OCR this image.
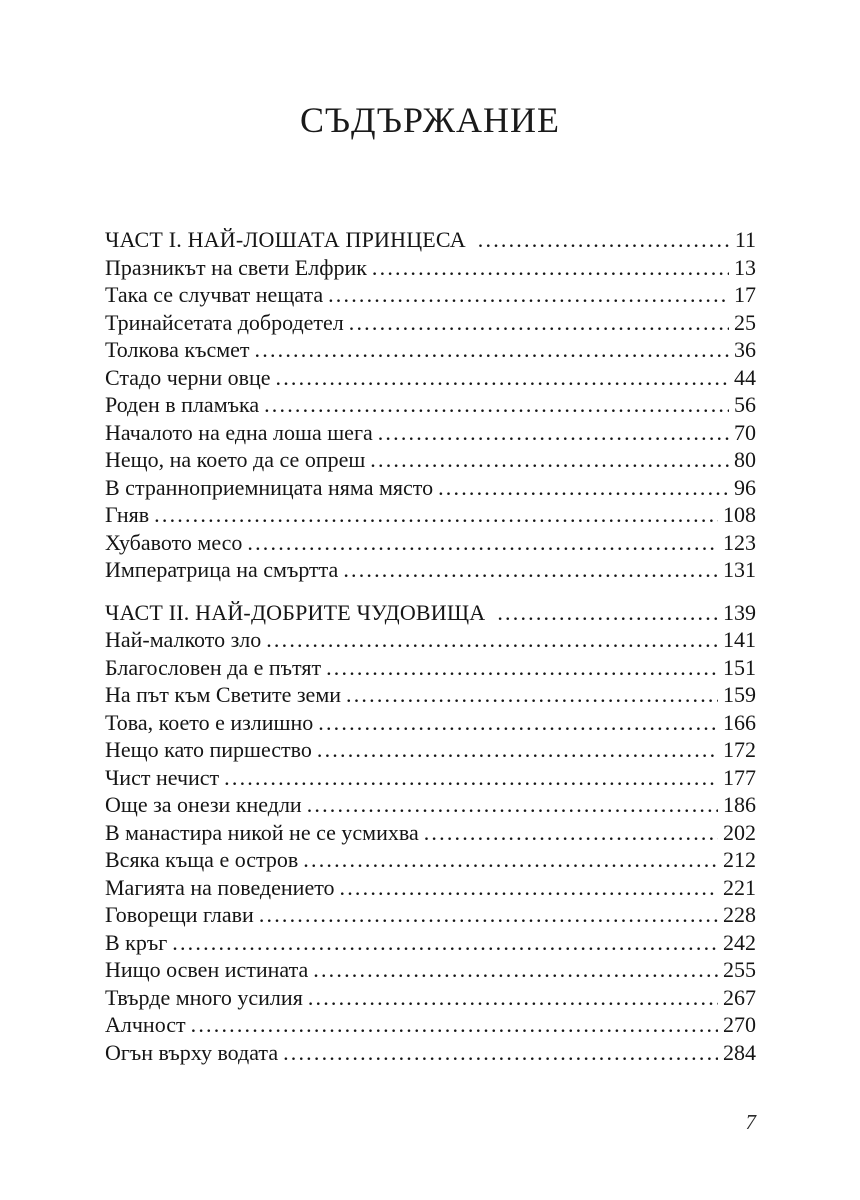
СЪДЪРЖАНИЕ
ЧАСТ I. НАЙ-ЛОШАТА ПРИНЦЕСА .....	11
Празникът на свети Елфрик .....	13
Така се случват нещата .....	17
Тринайсетата добродетел .....	25
Толкова късмет .....	36
Стадо черни овце .....	44
Роден в пламъка .....	56
Началото на една лоша шега .....	70
Нещо, на което да се опреш .....	80
В странноприемницата няма място .....	96
Гняв .....	108
Хубавото месо .....	123
Императрица на смъртта .....	131
ЧАСТ II. НАЙ-ДОБРИТЕ ЧУДОВИЩА .....	139
Най-малкото зло .....	141
Благословен да е пътят .....	151
На път към Светите земи .....	159
Това, което е излишно .....	166
Нещо като пиршество .....	172
Чист нечист .....	177
Още за онези кнедли .....	186
В манастира никой не се усмихва .....	202
Всяка къща е остров .....	212
Магията на поведението .....	221
Говорещи глави .....	228
В кръг .....	242
Нищо освен истината .....	255
Твърде много усилия .....	267
Алчност .....	270
Огън върху водата .....	284
7
